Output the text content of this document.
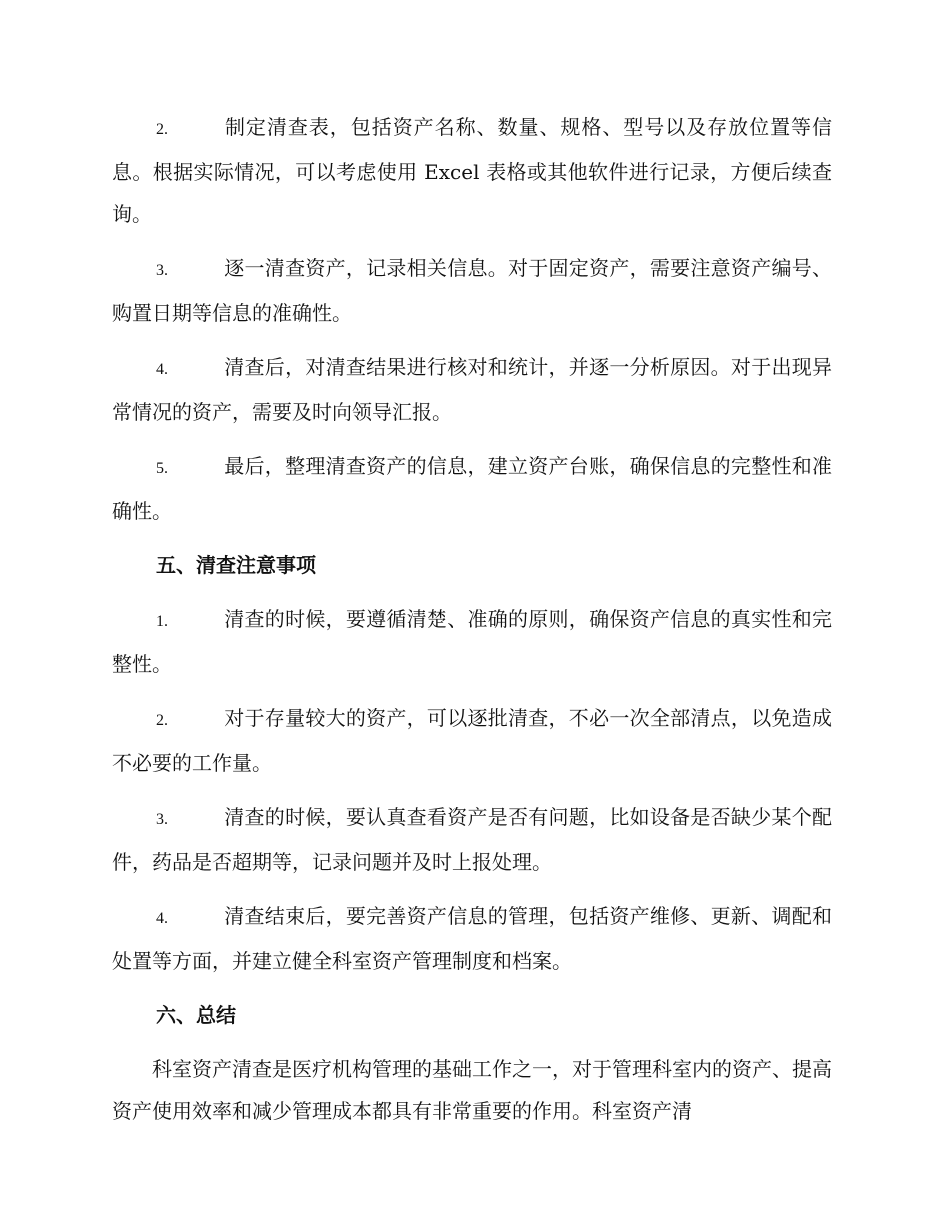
2.	制定清查表，包括资产名称、数量、规格、型号以及存放位置等信息。根据实际情况，可以考虑使用 Excel 表格或其他软件进行记录，方便后续查询。

3.	逐一清查资产，记录相关信息。对于固定资产，需要注意资产编号、购置日期等信息的准确性。

4.	清查后，对清查结果进行核对和统计，并逐一分析原因。对于出现异常情况的资产，需要及时向领导汇报。

5.	最后，整理清查资产的信息，建立资产台账，确保信息的完整性和准确性。

五、清查注意事项

1.	清查的时候，要遵循清楚、准确的原则，确保资产信息的真实性和完整性。

2.	对于存量较大的资产，可以逐批清查，不必一次全部清点，以免造成不必要的工作量。

3.	清查的时候，要认真查看资产是否有问题，比如设备是否缺少某个配件，药品是否超期等，记录问题并及时上报处理。

4.	清查结束后，要完善资产信息的管理，包括资产维修、更新、调配和处置等方面，并建立健全科室资产管理制度和档案。

六、总结

科室资产清查是医疗机构管理的基础工作之一，对于管理科室内的资产、提高资产使用效率和减少管理成本都具有非常重要的作用。科室资产清
